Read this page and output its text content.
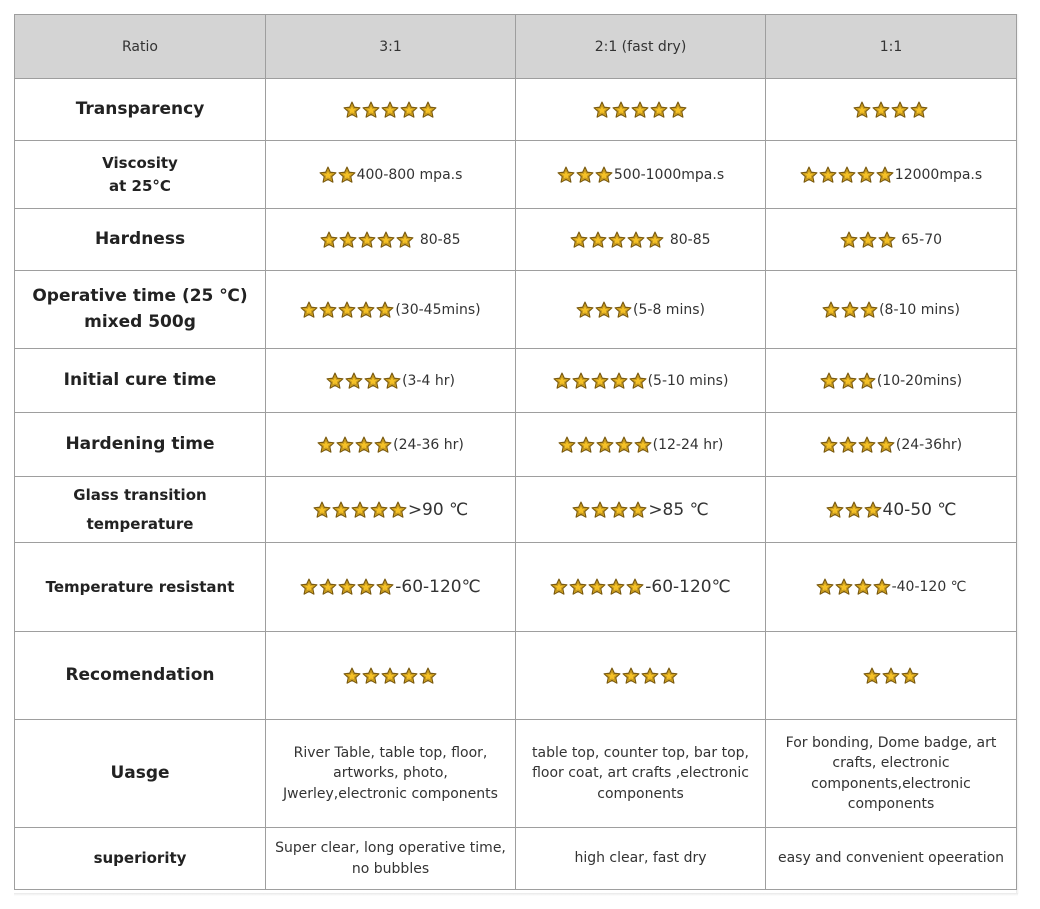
Ratio	3:1	2:1 (fast dry)	1:1
Transparency	

Viscosity
at 25°C	400-800 mpa.s	500-1000mpa.s	12000mpa.s
Hardness	80-85	80-85	65-70

Operative time (25 ℃)
mixed 500g	(30-45mins)	(5-8 mins)	(8-10 mins)
Initial cure time	(3-4 hr)	(5-10 mins)	(10-20mins)
Hardening time	(24-36 hr)	(12-24 hr)	(24-36hr)

Glass transition
temperature	>90 ℃	>85 ℃	40-50 ℃
Temperature resistant	-60-120℃	-60-120℃	-40-120 ℃
Recomendation	

Uasge	River Table, table top, floor, artworks, photo, Jwerley,electronic components	table top, counter top, bar top, floor coat, art crafts ,electronic components	For bonding, Dome badge, art crafts, electronic components,electronic components
superiority	Super clear, long operative time, no bubbles	high clear, fast dry	easy and convenient opeeration
